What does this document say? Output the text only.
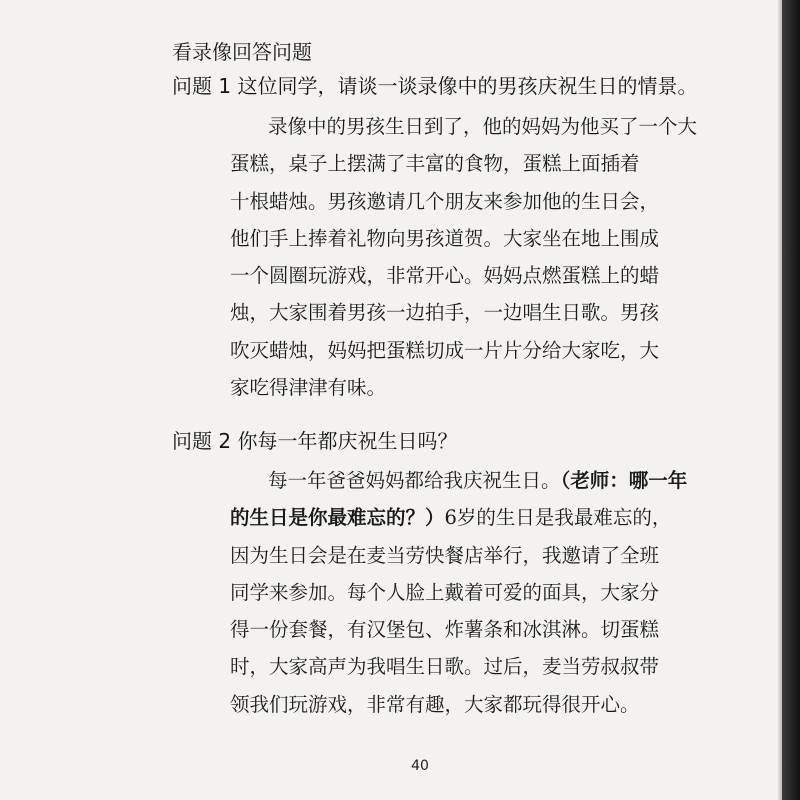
看录像回答问题
问题 1 这位同学，请谈一谈录像中的男孩庆祝生日的情景。

录像中的男孩生日到了，他的妈妈为他买了一个大

蛋糕，桌子上摆满了丰富的食物，蛋糕上面插着

十根蜡烛。男孩邀请几个朋友来参加他的生日会，

他们手上捧着礼物向男孩道贺。大家坐在地上围成

一个圆圈玩游戏，非常开心。妈妈点燃蛋糕上的蜡

烛，大家围着男孩一边拍手，一边唱生日歌。男孩

吹灭蜡烛，妈妈把蛋糕切成一片片分给大家吃，大

家吃得津津有味。

问题 2 你每一年都庆祝生日吗？

每一年爸爸妈妈都给我庆祝生日。（老师：哪一年

的生日是你最难忘的？）6岁的生日是我最难忘的，

因为生日会是在麦当劳快餐店举行，我邀请了全班

同学来参加。每个人脸上戴着可爱的面具，大家分

得一份套餐，有汉堡包、炸薯条和冰淇淋。切蛋糕

时，大家高声为我唱生日歌。过后，麦当劳叔叔带

领我们玩游戏，非常有趣，大家都玩得很开心。

40
